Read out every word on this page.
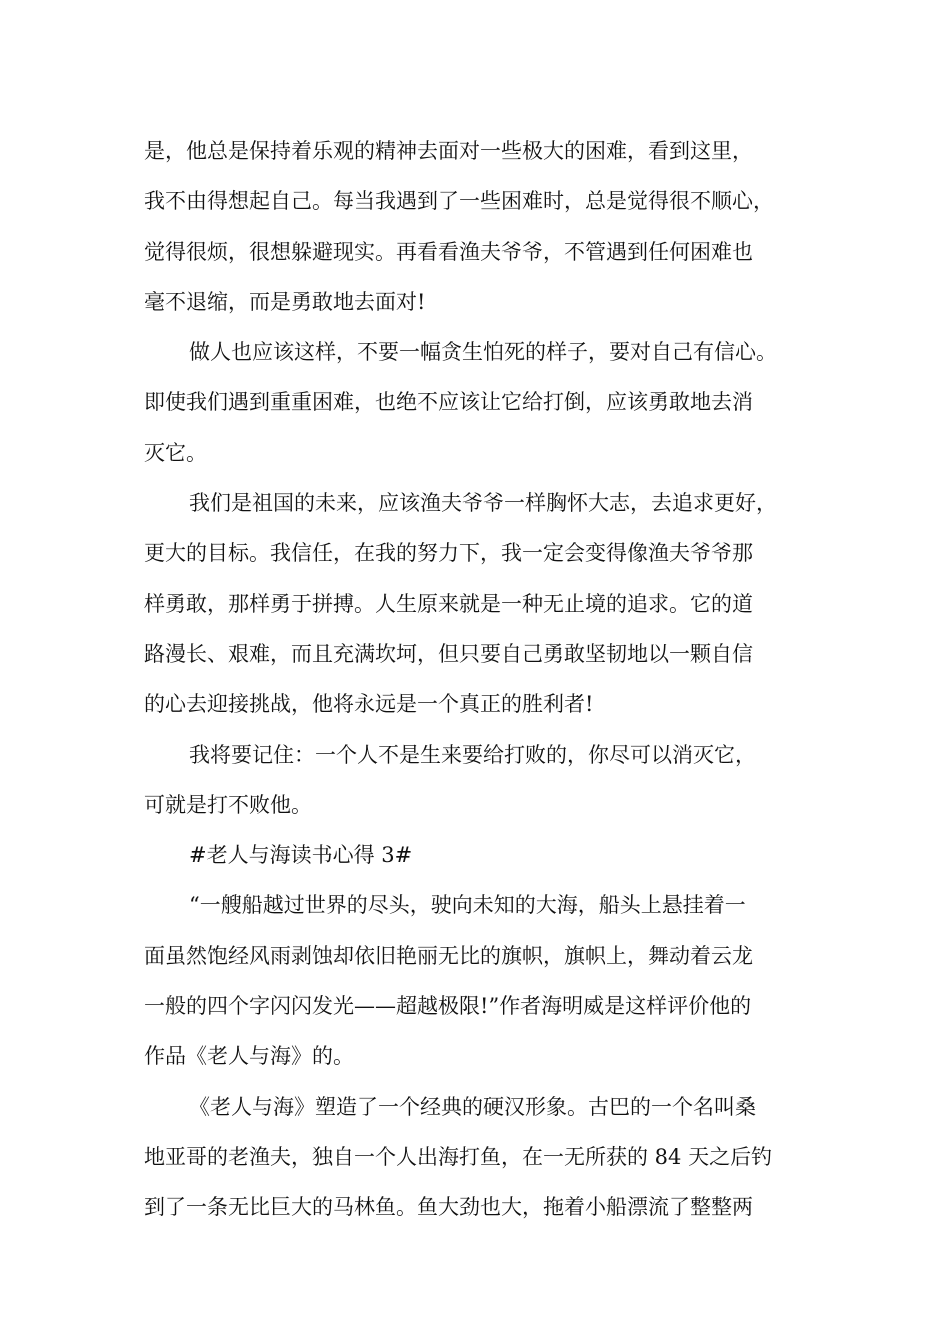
是，他总是保持着乐观的精神去面对一些极大的困难，看到这里，
我不由得想起自己。每当我遇到了一些困难时，总是觉得很不顺心，
觉得很烦，很想躲避现实。再看看渔夫爷爷，不管遇到任何困难也
毫不退缩，而是勇敢地去面对!
做人也应该这样，不要一幅贪生怕死的样子，要对自己有信心。
即使我们遇到重重困难，也绝不应该让它给打倒，应该勇敢地去消
灭它。
我们是祖国的未来，应该渔夫爷爷一样胸怀大志，去追求更好，
更大的目标。我信任，在我的努力下，我一定会变得像渔夫爷爷那
样勇敢，那样勇于拼搏。人生原来就是一种无止境的追求。它的道
路漫长、艰难，而且充满坎坷，但只要自己勇敢坚韧地以一颗自信
的心去迎接挑战，他将永远是一个真正的胜利者!
我将要记住：一个人不是生来要给打败的，你尽可以消灭它，
可就是打不败他。
#老人与海读书心得 3#
“一艘船越过世界的尽头，驶向未知的大海，船头上悬挂着一
面虽然饱经风雨剥蚀却依旧艳丽无比的旗帜，旗帜上，舞动着云龙
一般的四个字闪闪发光——超越极限!”作者海明威是这样评价他的
作品《老人与海》的。
《老人与海》塑造了一个经典的硬汉形象。古巴的一个名叫桑
地亚哥的老渔夫，独自一个人出海打鱼，在一无所获的 84 天之后钓
到了一条无比巨大的马林鱼。鱼大劲也大，拖着小船漂流了整整两
